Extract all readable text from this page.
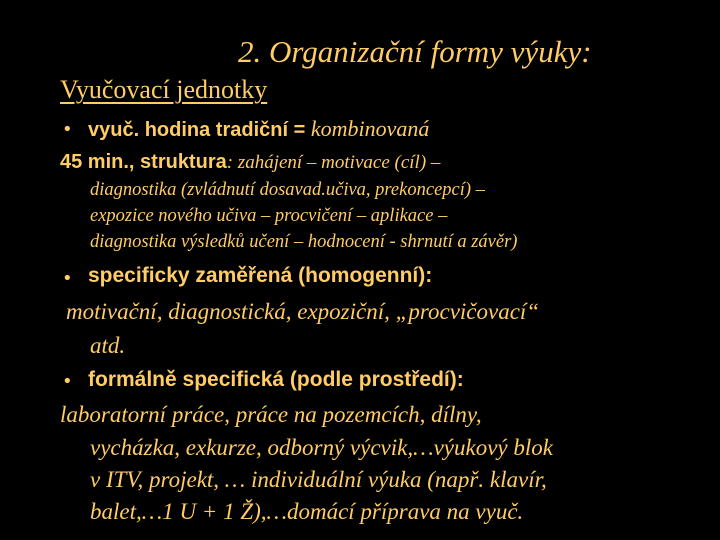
2. Organizační formy výuky:
Vyučovací jednotky
• vyuč. hodina tradiční = kombinovaná
45 min., struktura: zahájení – motivace (cíl) –
diagnostika (zvládnutí dosavad.učiva, prekoncepcí) –
expozice nového učiva – procvičení – aplikace –
diagnostika výsledků učení – hodnocení - shrnutí a závěr)
• specificky zaměřená (homogenní):
motivační, diagnostická, expoziční, „procvičovací“
atd.
• formálně specifická (podle prostředí):
laboratorní práce, práce na pozemcích, dílny,
vycházka, exkurze, odborný výcvik,…výukový blok
v ITV, projekt, … individuální výuka (např. klavír,
balet,…1 U + 1 Ž),…domácí příprava na vyuč.
